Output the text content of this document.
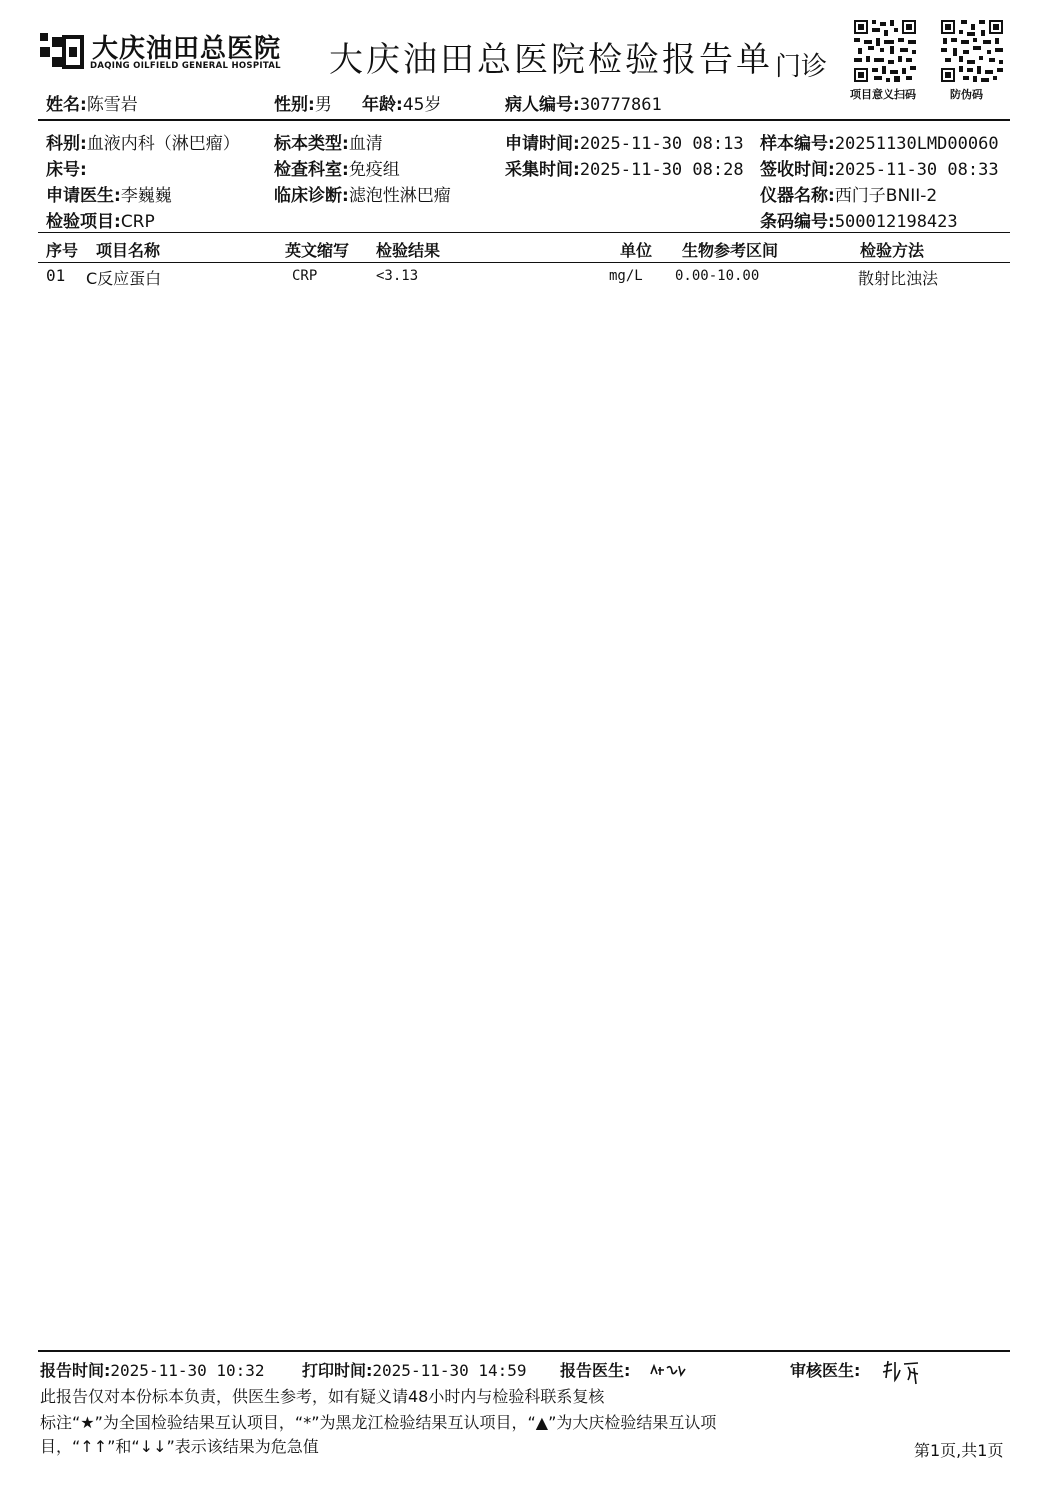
大庆油田总医院
DAQING OILFIELD GENERAL HOSPITAL 大庆油田总医院检验报告单 门诊
项目意义扫码	防伪码
姓名:陈雪岩	性别:男 年龄:45岁	病人编号:30777861
科别:血液内科（淋巴瘤） 标本类型:血清	申请时间:2025-11-30 08:13 样本编号:20251130LMD00060
床号:	检查科室:免疫组	采集时间:2025-11-30 08:28 签收时间:2025-11-30 08:33
申请医生:李巍巍	临床诊断:滤泡性淋巴瘤	仪器名称:西门子BNII-2
检验项目:CRP	条码编号:500012198423
序号 项目名称	英文缩写 检验结果	单位 生物参考区间	检验方法
01 C反应蛋白	CRP	<3.13	mg/L 0.00-10.00	散射比浊法
报告时间:2025-11-30 10:32 打印时间:2025-11-30 14:59 报告医生:	审核医生:
此报告仅对本份标本负责，供医生参考，如有疑义请48小时内与检验科联系复核
标注“★”为全国检验结果互认项目，“*”为黑龙江检验结果互认项目，“▲”为大庆检验结果互认项
目，“↑↑”和“↓↓”表示该结果为危急值	第1页,共1页
